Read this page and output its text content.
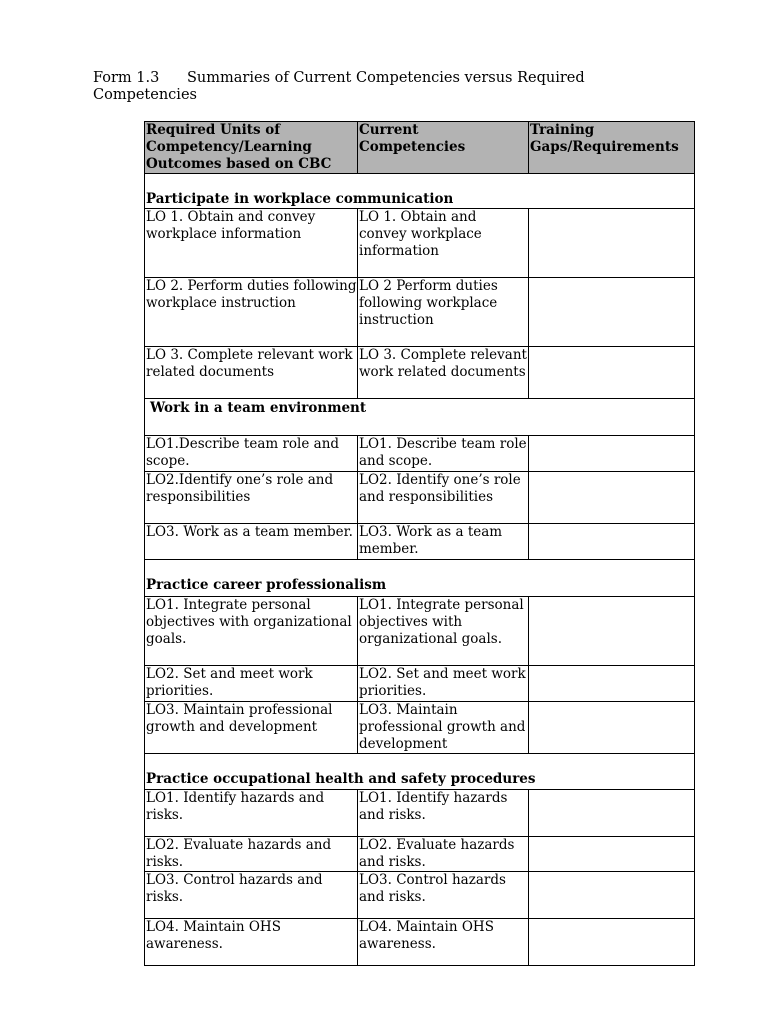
Form 1.3 Summaries of Current Competencies versus Required Competencies
Required Units of Competency/Learning Outcomes based on CBC	Current Competencies	Training Gaps/Requirements
Participate in workplace communication		
LO 1. Obtain and convey workplace information	LO 1. Obtain and convey workplace information	
LO 2. Perform duties following workplace instruction	LO 2 Perform duties following workplace instruction	
LO 3. Complete relevant work related documents	LO 3. Complete relevant work related documents	
Work in a team environment		
LO1.Describe team role and scope.	LO1. Describe team role and scope.	
LO2.Identify one’s role and responsibilities	LO2. Identify one’s role and responsibilities	
LO3. Work as a team member.	LO3. Work as a team member.	
Practice career professionalism		
LO1. Integrate personal objectives with organizational goals.	LO1. Integrate personal objectives with organizational goals.	
LO2. Set and meet work priorities.	LO2. Set and meet work priorities.	
LO3. Maintain professional growth and development	LO3. Maintain professional growth and development	
Practice occupational health and safety procedures		
LO1. Identify hazards and risks.	LO1. Identify hazards and risks.	
LO2. Evaluate hazards and risks.	LO2. Evaluate hazards and risks.	
LO3. Control hazards and risks.	LO3. Control hazards and risks.	
LO4. Maintain OHS awareness.	LO4. Maintain OHS awareness.	
